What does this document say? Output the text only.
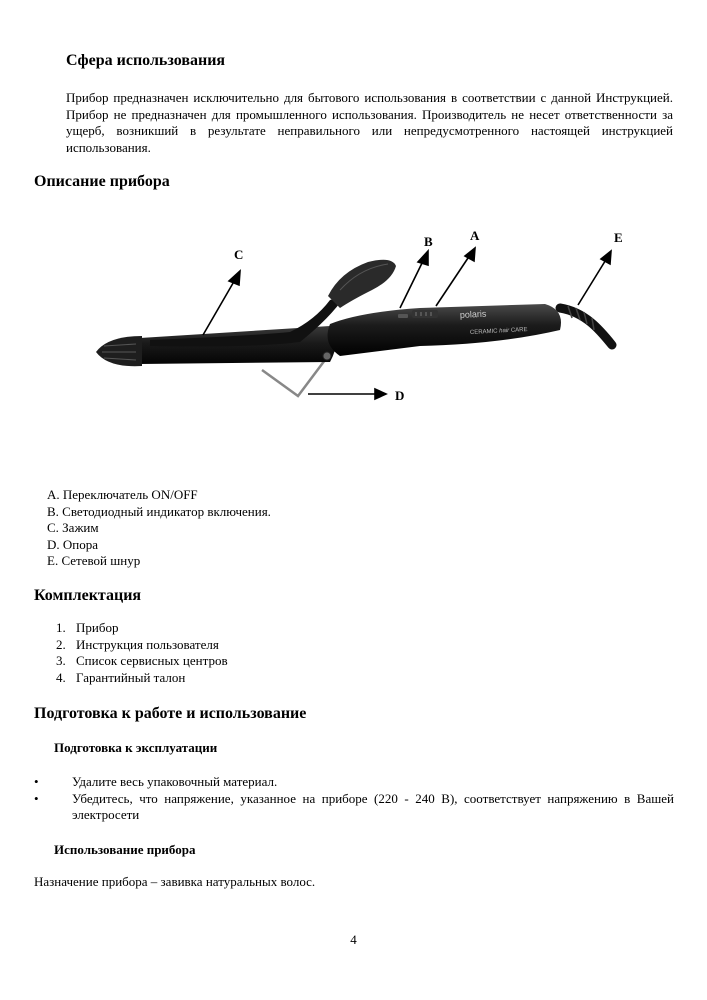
Сфера использования
Прибор предназначен исключительно для бытового использования в соответствии с данной Инструкцией. Прибор не предназначен для промышленного использования. Производитель не несет ответственности за ущерб, возникший в результате неправильного или непредусмотренного настоящей инструкцией использования.
Описание прибора
polaris
CERAMIC hair CARE
C
B	A	E
D
A. Переключатель ON/OFF
B. Светодиодный индикатор включения.
C. Зажим
D. Опора
E. Сетевой шнур
Комплектация
1. Прибор
2. Инструкция пользователя
3. Список сервисных центров
4. Гарантийный талон
Подготовка к работе и использование
Подготовка к эксплуатации
•	Удалите весь упаковочный материал.
•	Убедитесь, что напряжение, указанное на приборе (220 - 240 В), соответствует напряжению в Вашей электросети
Использование прибора
Назначение прибора – завивка натуральных волос.
4
